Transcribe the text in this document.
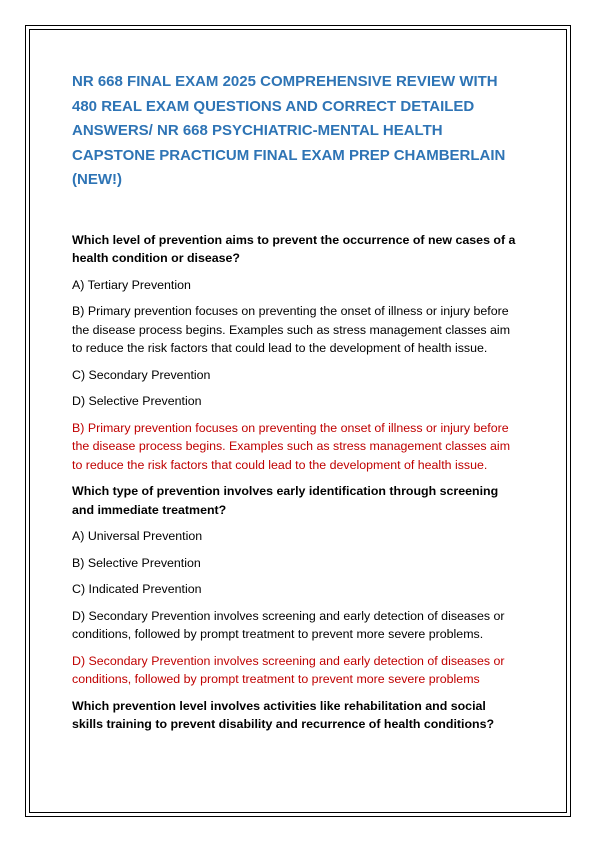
NR 668 FINAL EXAM 2025 COMPREHENSIVE REVIEW WITH 480 REAL EXAM QUESTIONS AND CORRECT DETAILED ANSWERS/ NR 668 PSYCHIATRIC-MENTAL HEALTH CAPSTONE PRACTICUM FINAL EXAM PREP CHAMBERLAIN (NEW!)

Which level of prevention aims to prevent the occurrence of new cases of a health condition or disease?

A) Tertiary Prevention

B) Primary prevention focuses on preventing the onset of illness or injury before the disease process begins. Examples such as stress management classes aim to reduce the risk factors that could lead to the development of health issue.

C) Secondary Prevention

D) Selective Prevention

B) Primary prevention focuses on preventing the onset of illness or injury before the disease process begins. Examples such as stress management classes aim to reduce the risk factors that could lead to the development of health issue.

Which type of prevention involves early identification through screening and immediate treatment?

A) Universal Prevention

B) Selective Prevention

C) Indicated Prevention

D) Secondary Prevention involves screening and early detection of diseases or conditions, followed by prompt treatment to prevent more severe problems.

D) Secondary Prevention involves screening and early detection of diseases or conditions, followed by prompt treatment to prevent more severe problems

Which prevention level involves activities like rehabilitation and social skills training to prevent disability and recurrence of health conditions?
